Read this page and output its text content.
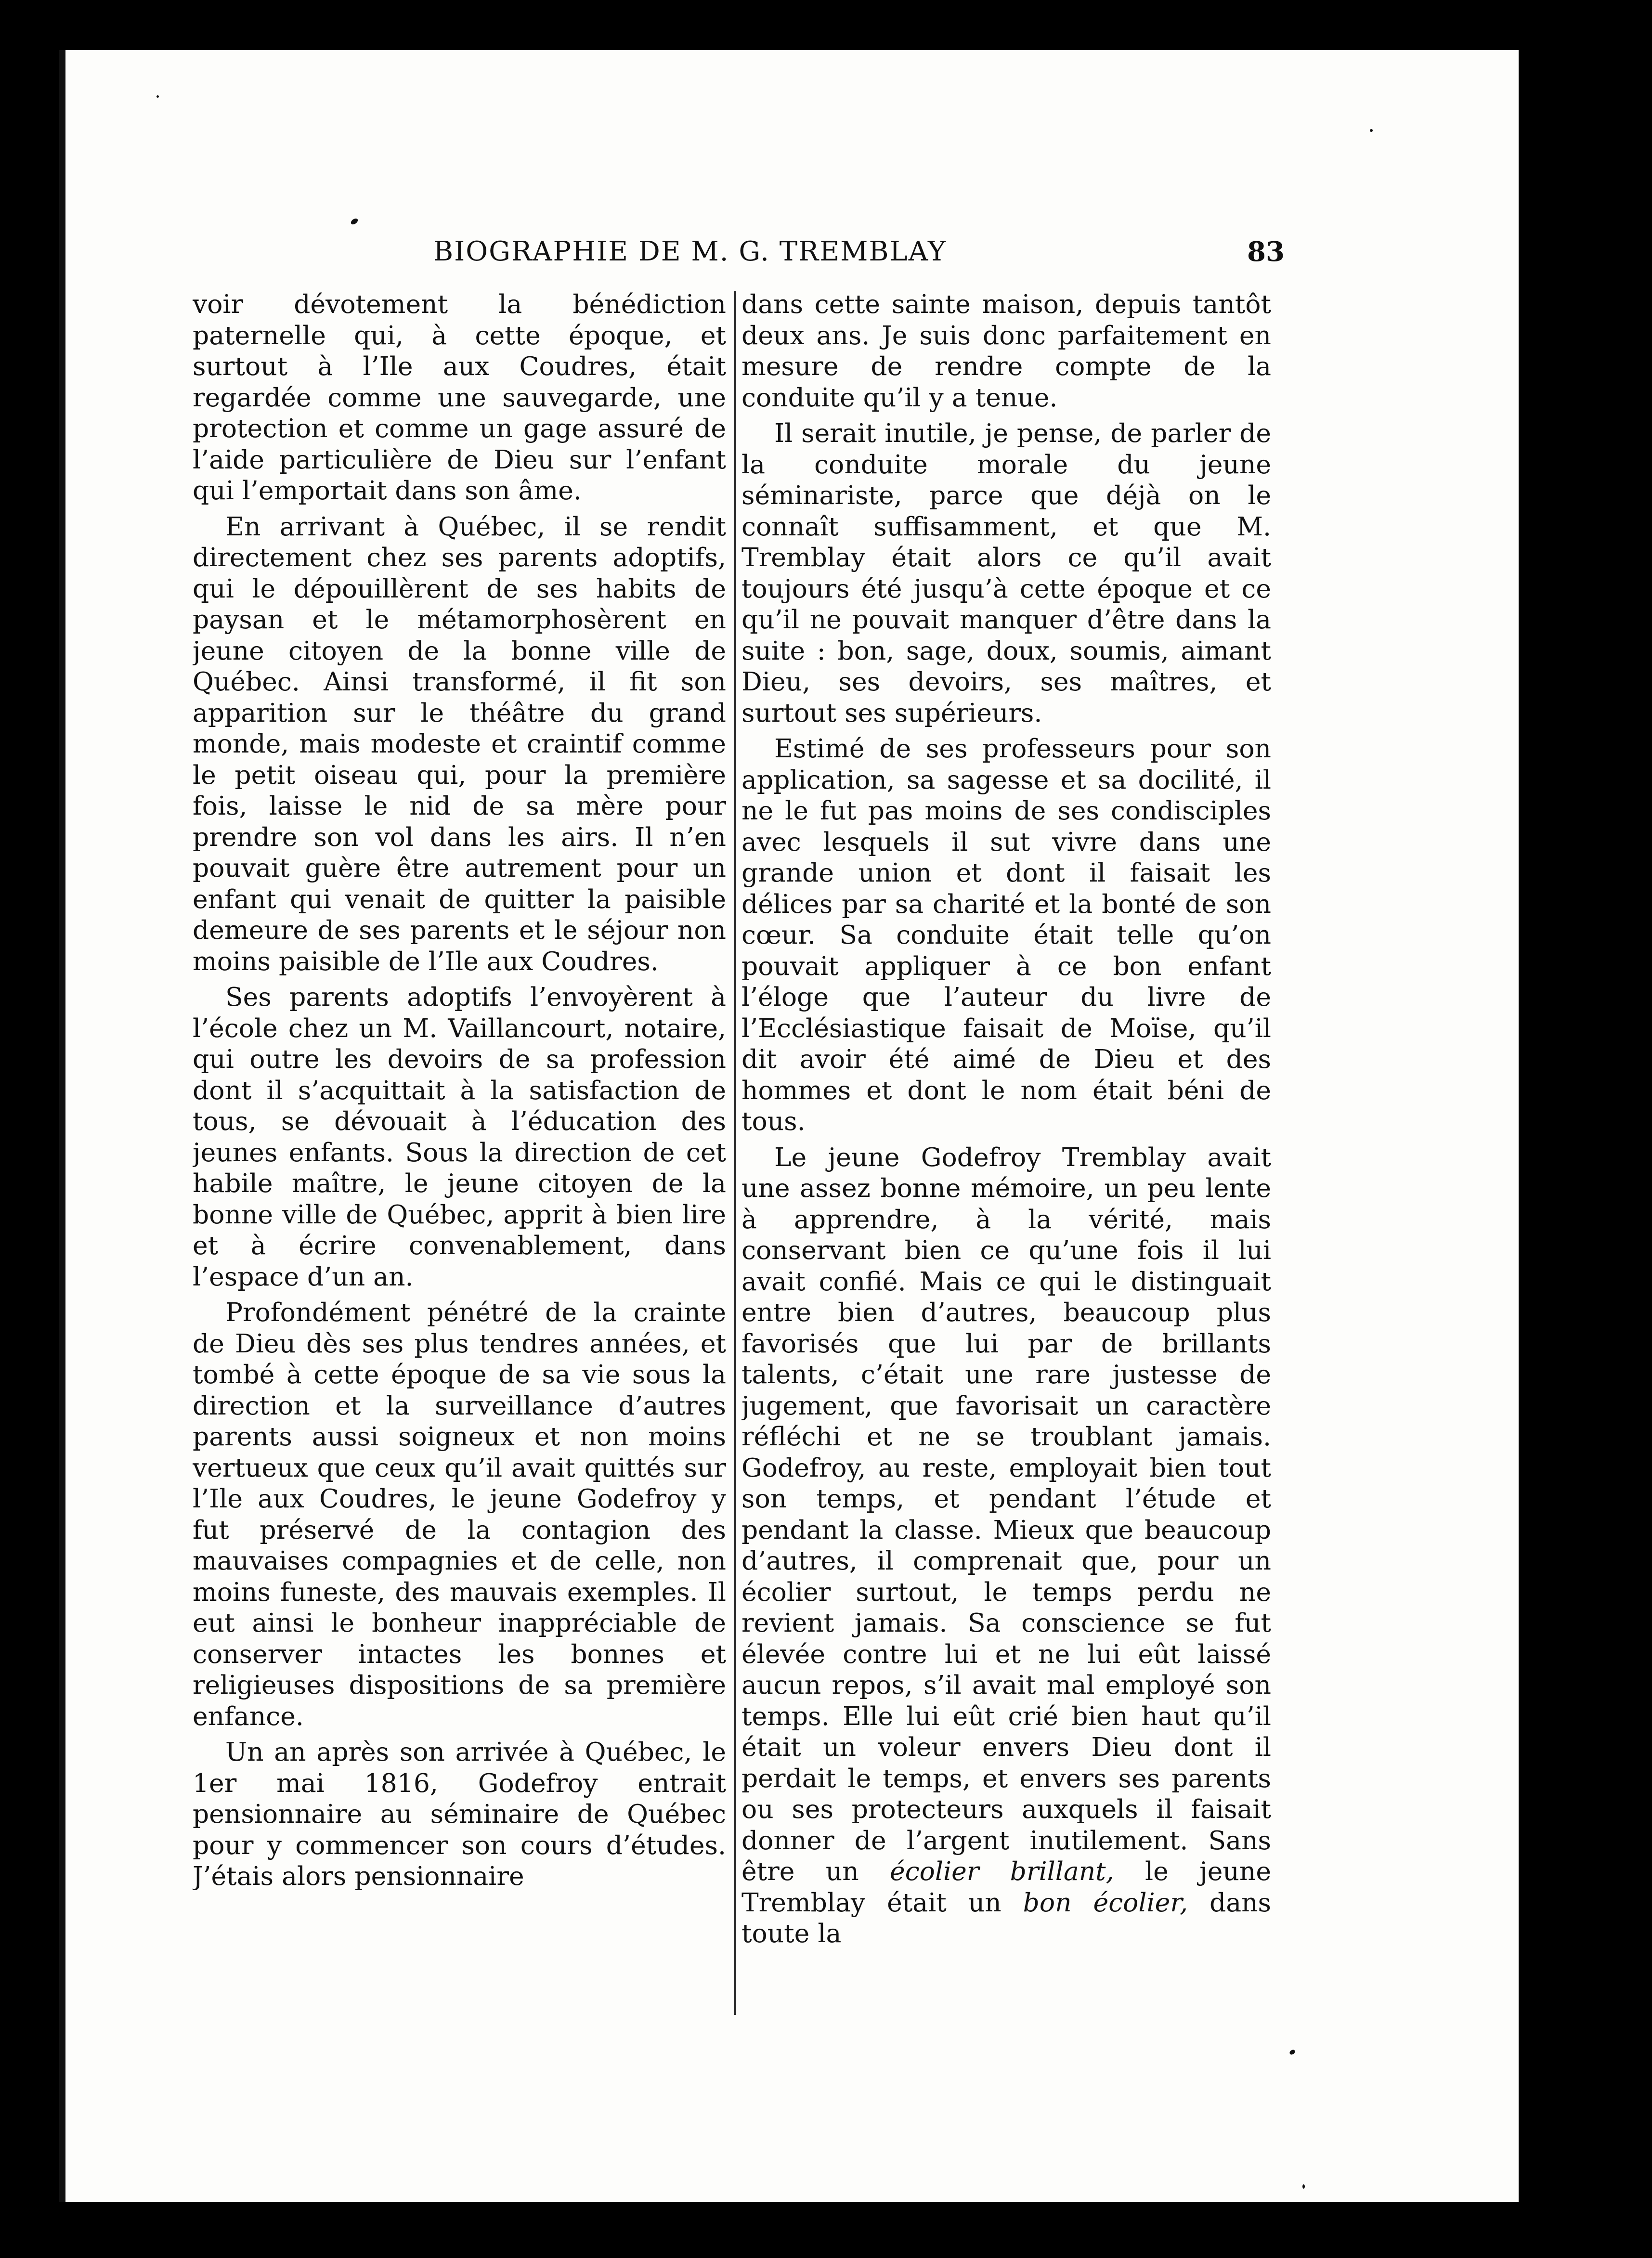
BIOGRAPHIE DE M. G. TREMBLAY	83

voir dévotement la bénédiction paternelle qui, à cette époque, et surtout à l’Ile aux Coudres, était regardée comme une sauvegarde, une protection et comme un gage assuré de l’aide particulière de Dieu sur l’enfant qui l’emportait dans son âme.

En arrivant à Québec, il se rendit directement chez ses parents adoptifs, qui le dépouillèrent de ses habits de paysan et le métamorphosèrent en jeune citoyen de la bonne ville de Québec. Ainsi transformé, il fit son apparition sur le théâtre du grand monde, mais modeste et craintif comme le petit oiseau qui, pour la première fois, laisse le nid de sa mère pour prendre son vol dans les airs. Il n’en pouvait guère être autrement pour un enfant qui venait de quitter la paisible demeure de ses parents et le séjour non moins paisible de l’Ile aux Coudres.

Ses parents adoptifs l’envoyèrent à l’école chez un M. Vaillancourt, notaire, qui outre les devoirs de sa profession dont il s’acquittait à la satisfaction de tous, se dévouait à l’éducation des jeunes enfants. Sous la direction de cet habile maître, le jeune citoyen de la bonne ville de Québec, apprit à bien lire et à écrire convenablement, dans l’espace d’un an.

Profondément pénétré de la crainte de Dieu dès ses plus tendres années, et tombé à cette époque de sa vie sous la direction et la surveillance d’autres parents aussi soigneux et non moins vertueux que ceux qu’il avait quittés sur l’Ile aux Coudres, le jeune Godefroy y fut préservé de la contagion des mauvaises compagnies et de celle, non moins funeste, des mauvais exemples. Il eut ainsi le bonheur inappréciable de conserver intactes les bonnes et religieuses dispositions de sa première enfance.

Un an après son arrivée à Québec, le 1er mai 1816, Godefroy entrait pensionnaire au séminaire de Québec pour y commencer son cours d’études. J’étais alors pensionnaire

dans cette sainte maison, depuis tantôt deux ans. Je suis donc parfaitement en mesure de rendre compte de la conduite qu’il y a tenue.

Il serait inutile, je pense, de parler de la conduite morale du jeune séminariste, parce que déjà on le connaît suffisamment, et que M. Tremblay était alors ce qu’il avait toujours été jusqu’à cette époque et ce qu’il ne pouvait manquer d’être dans la suite : bon, sage, doux, soumis, aimant Dieu, ses devoirs, ses maîtres, et surtout ses supérieurs.

Estimé de ses professeurs pour son application, sa sagesse et sa docilité, il ne le fut pas moins de ses condisciples avec lesquels il sut vivre dans une grande union et dont il faisait les délices par sa charité et la bonté de son cœur. Sa conduite était telle qu’on pouvait appliquer à ce bon enfant l’éloge que l’auteur du livre de l’Ecclésiastique faisait de Moïse, qu’il dit avoir été aimé de Dieu et des hommes et dont le nom était béni de tous.

Le jeune Godefroy Tremblay avait une assez bonne mémoire, un peu lente à apprendre, à la vérité, mais conservant bien ce qu’une fois il lui avait confié. Mais ce qui le distinguait entre bien d’autres, beaucoup plus favorisés que lui par de brillants talents, c’était une rare justesse de jugement, que favorisait un caractère réfléchi et ne se troublant jamais. Godefroy, au reste, employait bien tout son temps, et pendant l’étude et pendant la classe. Mieux que beaucoup d’autres, il comprenait que, pour un écolier surtout, le temps perdu ne revient jamais. Sa conscience se fut élevée contre lui et ne lui eût laissé aucun repos, s’il avait mal employé son temps. Elle lui eût crié bien haut qu’il était un voleur envers Dieu dont il perdait le temps, et envers ses parents ou ses protecteurs auxquels il faisait donner de l’argent inutilement. Sans être un écolier brillant, le jeune Tremblay était un bon écolier, dans toute la
